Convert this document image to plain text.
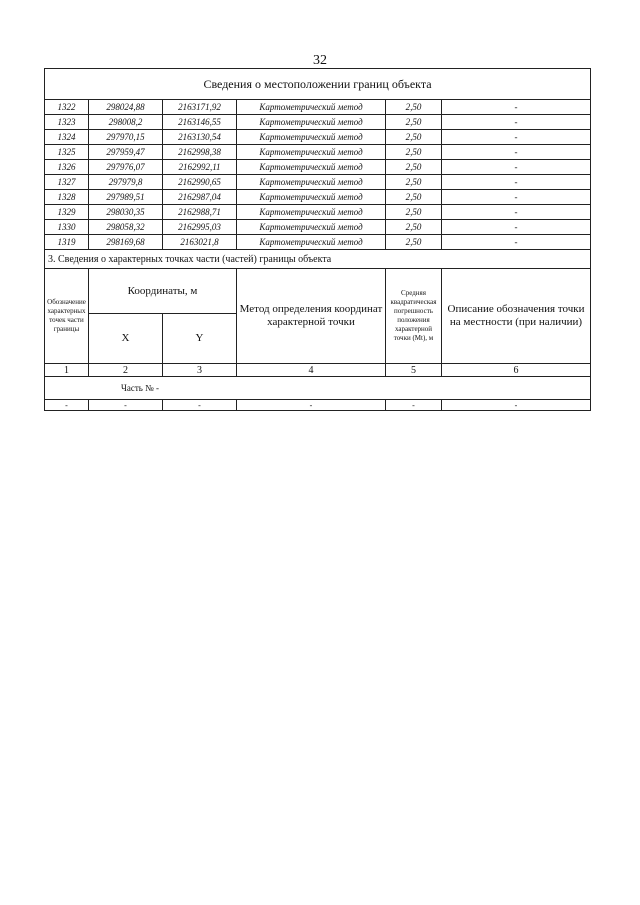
32
Сведения о местоположении границ объекта					
1322	298024,88	2163171,92	Картометрический метод	2,50	-
1323	298008,2	2163146,55	Картометрический метод	2,50	-
1324	297970,15	2163130,54	Картометрический метод	2,50	-
1325	297959,47	2162998,38	Картометрический метод	2,50	-
1326	297976,07	2162992,11	Картометрический метод	2,50	-
1327	297979,8	2162990,65	Картометрический метод	2,50	-
1328	297989,51	2162987,04	Картометрический метод	2,50	-
1329	298030,35	2162988,71	Картометрический метод	2,50	-
1330	298058,32	2162995,03	Картометрический метод	2,50	-
1319	298169,68	2163021,8	Картометрический метод	2,50	-
3. Сведения о характерных точках части (частей) границы объекта					
Обозначение характерных точек части границы	Координаты, м		Метод определения координат характерной точки	Средняя квадратическая погрешность положения характерной точки (Mt), м	Описание обозначения точки на местности (при наличии)
	X	Y			
1	2	3	4	5	6
Часть № -					
-	-	-	-	-	-
